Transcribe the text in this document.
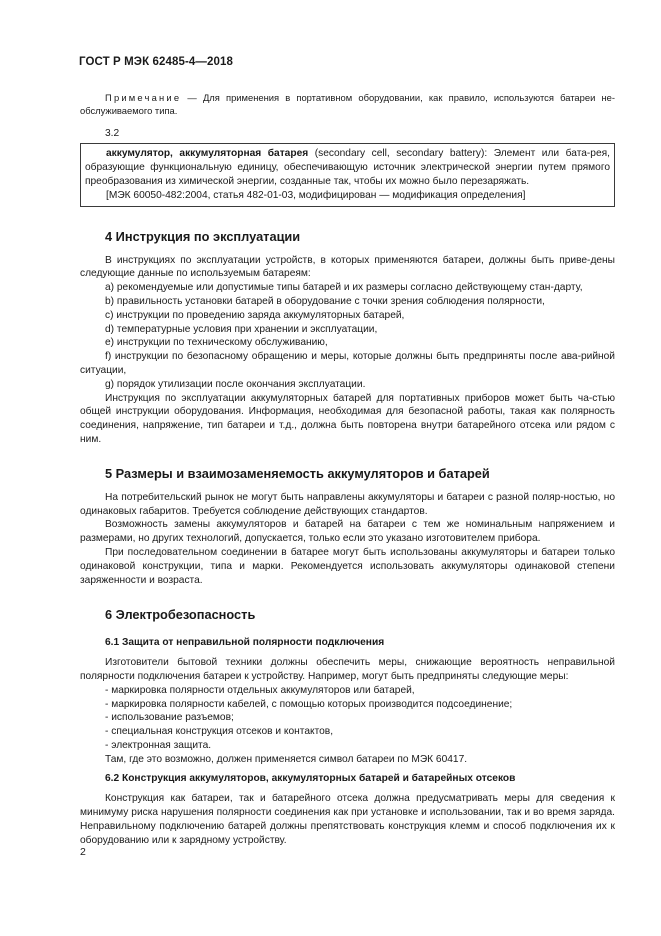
ГОСТ Р МЭК 62485-4—2018

Примечание — Для применения в портативном оборудовании, как правило, используются батареи не-обслуживаемого типа.

3.2

аккумулятор, аккумуляторная батарея (secondary cell, secondary battery): Элемент или бата-рея, образующие функциональную единицу, обеспечивающую источник электрической энергии путем прямого преобразования из химической энергии, созданные так, чтобы их можно было перезаряжать.

[МЭК 60050-482:2004, статья 482-01-03, модифицирован — модификация определения]

4 Инструкция по эксплуатации

В инструкциях по эксплуатации устройств, в которых применяются батареи, должны быть приве-дены следующие данные по используемым батареям:

a) рекомендуемые или допустимые типы батарей и их размеры согласно действующему стан-дарту,

b) правильность установки батарей в оборудование с точки зрения соблюдения полярности,

c) инструкции по проведению заряда аккумуляторных батарей,

d) температурные условия при хранении и эксплуатации,

e) инструкции по техническому обслуживанию,

f) инструкции по безопасному обращению и меры, которые должны быть предприняты после ава-рийной ситуации,

g) порядок утилизации после окончания эксплуатации.

Инструкция по эксплуатации аккумуляторных батарей для портативных приборов может быть ча-стью общей инструкции оборудования. Информация, необходимая для безопасной работы, такая как полярность соединения, напряжение, тип батареи и т.д., должна быть повторена внутри батарейного отсека или рядом с ним.

5 Размеры и взаимозаменяемость аккумуляторов и батарей

На потребительский рынок не могут быть направлены аккумуляторы и батареи с разной поляр-ностью, но одинаковых габаритов. Требуется соблюдение действующих стандартов.

Возможность замены аккумуляторов и батарей на батареи с тем же номинальным напряжением и размерами, но других технологий, допускается, только если это указано изготовителем прибора.

При последовательном соединении в батарее могут быть использованы аккумуляторы и батареи только одинаковой конструкции, типа и марки. Рекомендуется использовать аккумуляторы одинаковой степени заряженности и возраста.

6 Электробезопасность
6.1 Защита от неправильной полярности подключения

Изготовители бытовой техники должны обеспечить меры, снижающие вероятность неправильной полярности подключения батареи к устройству. Например, могут быть предприняты следующие меры:

- маркировка полярности отдельных аккумуляторов или батарей,

- маркировка полярности кабелей, с помощью которых производится подсоединение;

- использование разъемов;

- специальная конструкция отсеков и контактов,

- электронная защита.

Там, где это возможно, должен применяется символ батареи по МЭК 60417.

6.2 Конструкция аккумуляторов, аккумуляторных батарей и батарейных отсеков

Конструкция как батареи, так и батарейного отсека должна предусматривать меры для сведения к минимуму риска нарушения полярности соединения как при установке и использовании, так и во время заряда. Неправильному подключению батарей должны препятствовать конструкция клемм и способ подключения их к оборудованию или к зарядному устройству.

2
